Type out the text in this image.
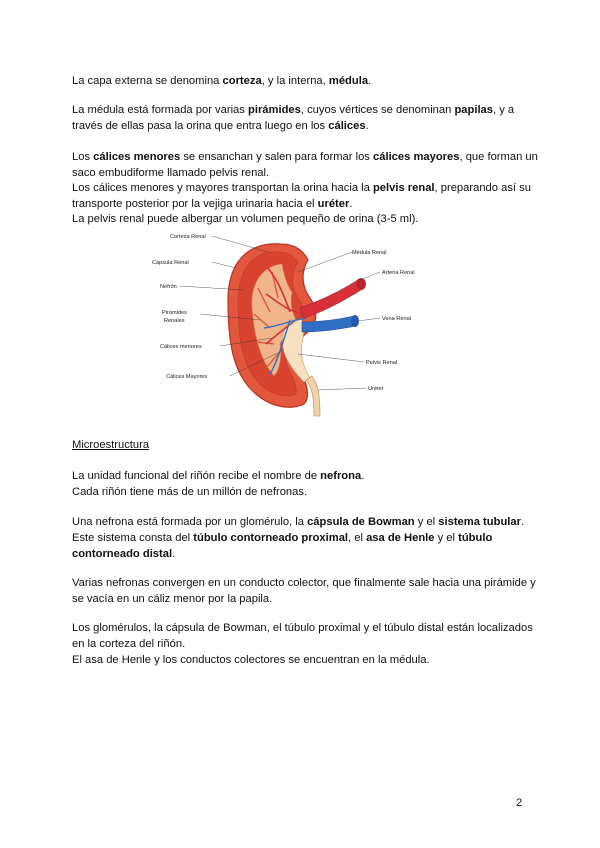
La capa externa se denomina corteza, y la interna, médula.

La médula está formada por varias pirámides, cuyos vértices se denominan papilas, y a través de ellas pasa la orina que entra luego en los cálices.

Los cálices menores se ensanchan y salen para formar los cálices mayores, que forman un saco embudiforme llamado pelvis renal.

Los cálices menores y mayores transportan la orina hacia la pelvis renal, preparando así su transporte posterior por la vejiga urinaria hacia el uréter.

La pelvis renal puede albergar un volumen pequeño de orina (3-5 ml).

Corteza Renal
Cápsula Renal
Nefrón
Pirámides
Renales
Cálices menores
Cálices Mayores
Médula Renal
Arteria Renal
Vena Renal
Pelvis Renal
Uréter

Microestructura

La unidad funcional del riñón recibe el nombre de nefrona.

Cada riñón tiene más de un millón de nefronas.

Una nefrona está formada por un glomérulo, la cápsula de Bowman y el sistema tubular.

Este sistema consta del túbulo contorneado proximal, el asa de Henle y el túbulo contorneado distal.

Varias nefronas convergen en un conducto colector, que finalmente sale hacia una pirámide y se vacía en un cáliz menor por la papila.

Los glomérulos, la cápsula de Bowman, el túbulo proximal y el túbulo distal están localizados en la corteza del riñón.

El asa de Henle y los conductos colectores se encuentran en la médula.

2
